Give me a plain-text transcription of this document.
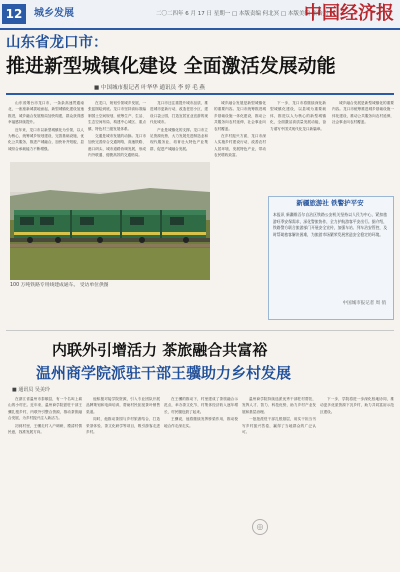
12	城乡发展	二〇二四年 6 月 17 日 星期一 □ 本版责编 何北冥 □ 本版美编 张怡杰
中国经济报
山东省龙口市：
推进新型城镇化建设 全面激活发展动能
■ 中国城市报记者 叶华华 通讯员 李 婷 毛 燕

山东省烟台市龙口市，一条条高速贯通南北，一座座新城拔地而起，新型城镇化建设加速推进，城乡融合发展格局加快构建，群众获得感幸福感持续提升。

近年来，龙口市以新型城镇化为引领，以人为核心，统筹城乡规划建设，完善基础设施，优化公共服务，推进产城融合，加快补齐短板，县城综合承载能力不断增强。

在龙口，规划引领城乡发展，一张蓝图绘到底。龙口市坚持高标准编制国土空间规划，统筹生产、生活、生态空间布局，构建中心城区、重点镇、特色村三级发展体系。

交通是城市发展的动脉。龙口市加快完善综合交通网络，高速铁路、港口码头、城市道路协调发展，形成内外联通、便捷高效的交通格局。

龙口市还注重提升城市品质，推进城市更新行动，改造老旧小区，建设口袋公园，打造宜居宜业宜游的现代化城市。

产业是城镇化的支撑。龙口市立足资源优势，大力发展先进制造业和现代服务业，培育壮大特色产业集群，促进产城融合发展。

城乡融合发展是新型城镇化的重要内容。龙口市统筹推进城乡基础设施一体化建设，推动公共服务向农村延伸，社会事业向农村覆盖。

在乡村振兴方面，龙口市深入实施乡村建设行动，改善农村人居环境，发展特色产业，带动农民增收致富。

下一步，龙口市将继续深化新型城镇化建设，以县城为重要载体，推进以人为核心的新型城镇化，全面激活高质量发展动能，奋力谱写中国式现代化龙口新篇章。

城乡融合发展是新型城镇化的重要内容。龙口市统筹推进城乡基础设施一体化建设，推动公共服务向农村延伸，社会事业向农村覆盖。

100 万吨铁路专用线建成通车。 受访单位供图
新疆旅游社 铁警护平安
本报讯 新疆维吾尔自治区铁路公安机关坚持以人民为中心，紧扣旅游旺季安保需求，深化警旅协作，全力护航游客平安出行。据介绍，铁路警方联合旅游部门开展安全宣传，加强车站、列车治安管控，及时帮助旅客解决困难，为旅游市场繁荣发展营造安全稳定的环境。
中国城市报记者 周 俏
内联外引增活力 茶旅融合共富裕
温州商学院派驻干部王骥助力乡村发展
■ 通讯员 吴美玲

在浙江省温州市泰顺县，有一个名叫上翁山的小村庄。近年来，温州商学院派驻干部王骥扎根乡村，内联外引整合资源，推动茶旅融合发展，为乡村振兴注入新活力。

初到村里，王骥走村入户调研，摸清村情民意，找准发展方向。

他积极对接学院资源，引入专业团队开展品牌策划和电商培训，帮助村民拓宽茶叶销售渠道。

同时，他推动茶园与乡村旅游结合，打造采茶体验、茶文化研学等项目，吸引游客走进乡村。

在王骥的推动下，村里建成了茶旅融合示范点，举办茶文化节，村集体经济收入逐年增长，村民腰包鼓了起来。

王骥说，他将继续发挥桥梁作用，推动校地合作走深走实。

温州商学院持续选派优秀干部驻村帮扶，发挥人才、智力、科技优势，助力乡村产业发展和基层治理。

一批批派驻干部扎根基层，用实干担当书写乡村振兴答卷，赢得了当地群众的广泛认可。

下一步，学院将进一步深化校地协同，推动更多优质资源下沉乡村，助力共同富裕示范区建设。

◎
